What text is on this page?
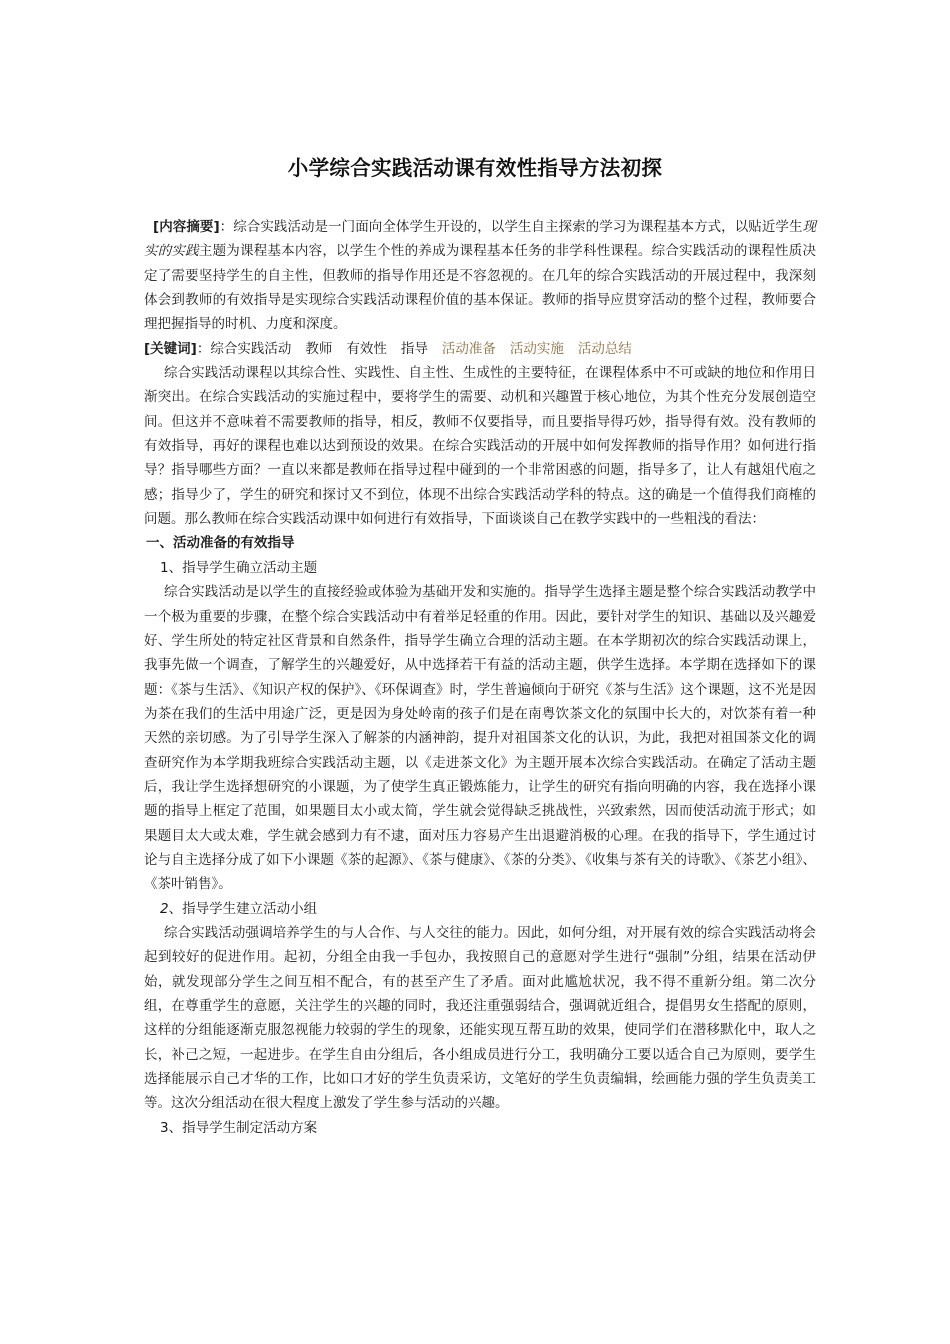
小学综合实践活动课有效性指导方法初探

[内容摘要]：综合实践活动是一门面向全体学生开设的，以学生自主探索的学习为课程基本方式，以贴近学生现实的实践主题为课程基本内容，以学生个性的养成为课程基本任务的非学科性课程。综合实践活动的课程性质决定了需要坚持学生的自主性，但教师的指导作用还是不容忽视的。在几年的综合实践活动的开展过程中，我深刻体会到教师的有效指导是实现综合实践活动课程价值的基本保证。教师的指导应贯穿活动的整个过程，教师要合理把握指导的时机、力度和深度。

[关键词]：综合实践活动 教师 有效性 指导 活动准备 活动实施 活动总结

综合实践活动课程以其综合性、实践性、自主性、生成性的主要特征，在课程体系中不可或缺的地位和作用日渐突出。在综合实践活动的实施过程中，要将学生的需要、动机和兴趣置于核心地位，为其个性充分发展创造空间。但这并不意味着不需要教师的指导，相反，教师不仅要指导，而且要指导得巧妙，指导得有效。没有教师的有效指导，再好的课程也难以达到预设的效果。在综合实践活动的开展中如何发挥教师的指导作用？如何进行指导？指导哪些方面？一直以来都是教师在指导过程中碰到的一个非常困惑的问题，指导多了，让人有越俎代庖之感；指导少了，学生的研究和探讨又不到位，体现不出综合实践活动学科的特点。这的确是一个值得我们商榷的问题。那么教师在综合实践活动课中如何进行有效指导，下面谈谈自己在教学实践中的一些粗浅的看法：

一、活动准备的有效指导

1、指导学生确立活动主题

综合实践活动是以学生的直接经验或体验为基础开发和实施的。指导学生选择主题是整个综合实践活动教学中一个极为重要的步骤，在整个综合实践活动中有着举足轻重的作用。因此，要针对学生的知识、基础以及兴趣爱好、学生所处的特定社区背景和自然条件，指导学生确立合理的活动主题。在本学期初次的综合实践活动课上，我事先做一个调查，了解学生的兴趣爱好，从中选择若干有益的活动主题，供学生选择。本学期在选择如下的课题：《茶与生活》、《知识产权的保护》、《环保调查》时，学生普遍倾向于研究《茶与生活》这个课题，这不光是因为茶在我们的生活中用途广泛，更是因为身处岭南的孩子们是在南粤饮茶文化的氛围中长大的，对饮茶有着一种天然的亲切感。为了引导学生深入了解茶的内涵神韵，提升对祖国茶文化的认识，为此，我把对祖国茶文化的调查研究作为本学期我班综合实践活动主题，以《走进茶文化》为主题开展本次综合实践活动。在确定了活动主题后，我让学生选择想研究的小课题，为了使学生真正锻炼能力，让学生的研究有指向明确的内容，我在选择小课题的指导上框定了范围，如果题目太小或太简，学生就会觉得缺乏挑战性，兴致索然，因而使活动流于形式；如果题目太大或太难，学生就会感到力有不逮，面对压力容易产生出退避消极的心理。在我的指导下，学生通过讨论与自主选择分成了如下小课题《茶的起源》、《茶与健康》、《茶的分类》、《收集与茶有关的诗歌》、《茶艺小组》、《茶叶销售》。

2、指导学生建立活动小组

综合实践活动强调培养学生的与人合作、与人交往的能力。因此，如何分组，对开展有效的综合实践活动将会起到较好的促进作用。起初，分组全由我一手包办，我按照自己的意愿对学生进行“强制”分组，结果在活动伊始，就发现部分学生之间互相不配合，有的甚至产生了矛盾。面对此尴尬状况，我不得不重新分组。第二次分组，在尊重学生的意愿，关注学生的兴趣的同时，我还注重强弱结合，强调就近组合，提倡男女生搭配的原则，这样的分组能逐渐克服忽视能力较弱的学生的现象，还能实现互帮互助的效果，使同学们在潜移默化中，取人之长，补己之短，一起进步。在学生自由分组后，各小组成员进行分工，我明确分工要以适合自己为原则，要学生选择能展示自己才华的工作，比如口才好的学生负责采访，文笔好的学生负责编辑，绘画能力强的学生负责美工等。这次分组活动在很大程度上激发了学生参与活动的兴趣。

3、指导学生制定活动方案
